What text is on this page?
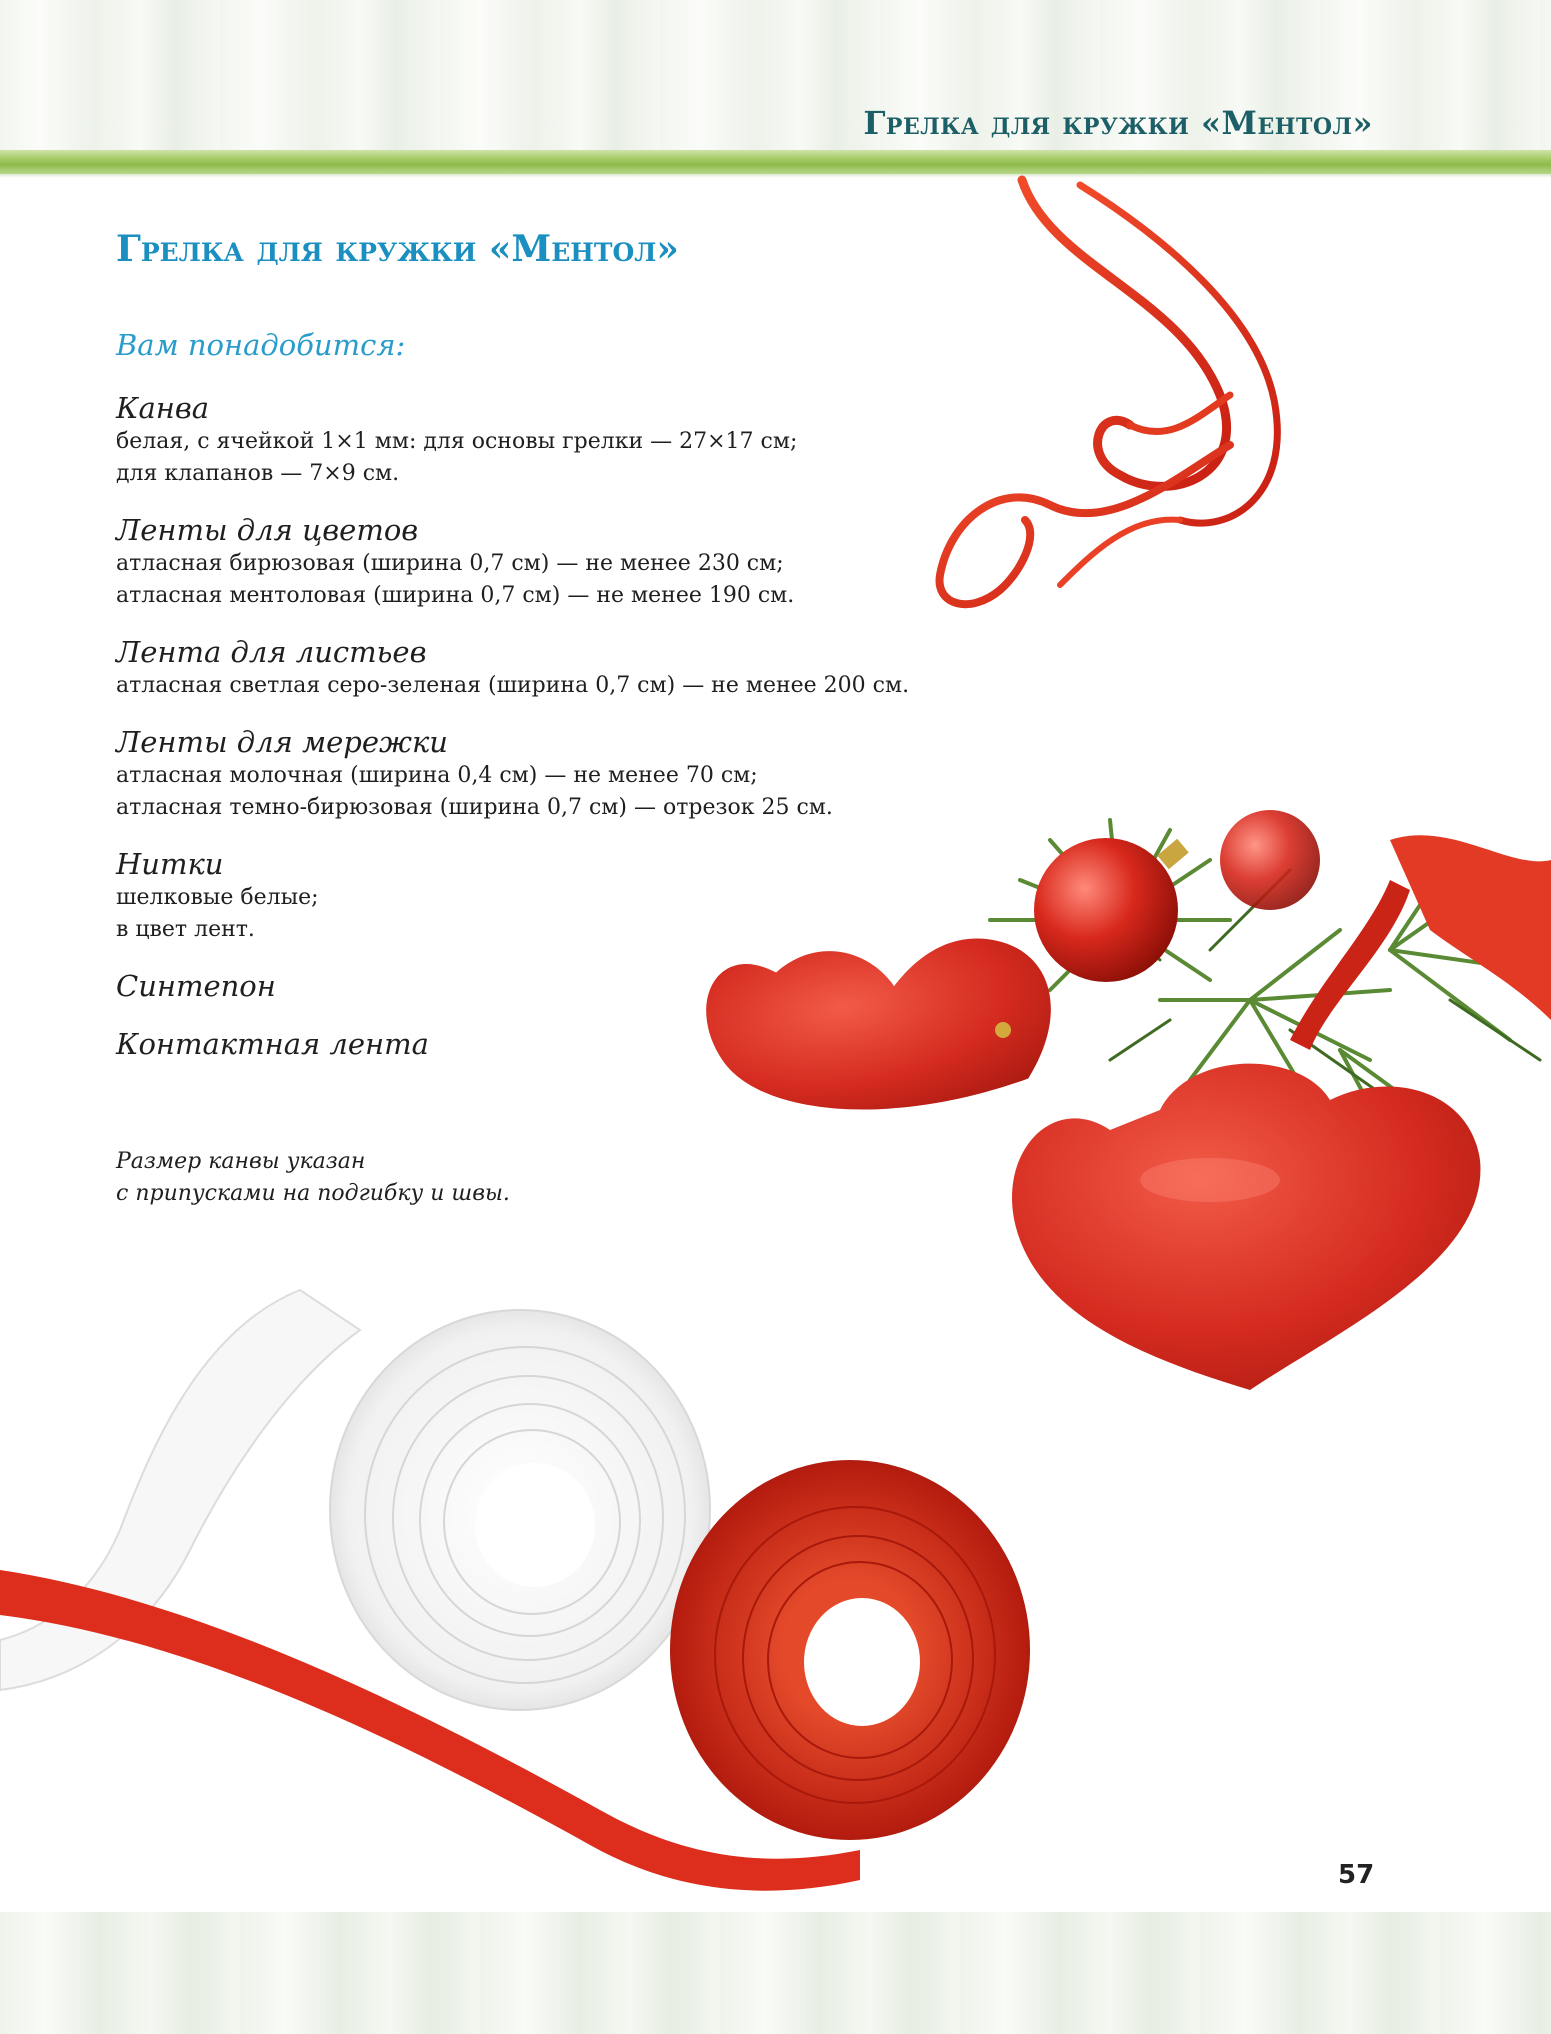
Грелка для кружки «Ментол»
Грелка для кружки «Ментол»
Вам понадобится:
Канва
белая, с ячейкой 1×1 мм: для основы грелки — 27×17 см;
для клапанов — 7×9 см.
Ленты для цветов
атласная бирюзовая (ширина 0,7 см) — не менее 230 см;
атласная ментоловая (ширина 0,7 см) — не менее 190 см.
Лента для листьев
атласная светлая серо-зеленая (ширина 0,7 см) — не менее 200 см.
Ленты для мережки
атласная молочная (ширина 0,4 см) — не менее 70 см;
атласная темно-бирюзовая (ширина 0,7 см) — отрезок 25 см.
Нитки
шелковые белые;
в цвет лент.
Синтепон
Контактная лента
Размер канвы указан
с припусками на подгибку и швы.
57
